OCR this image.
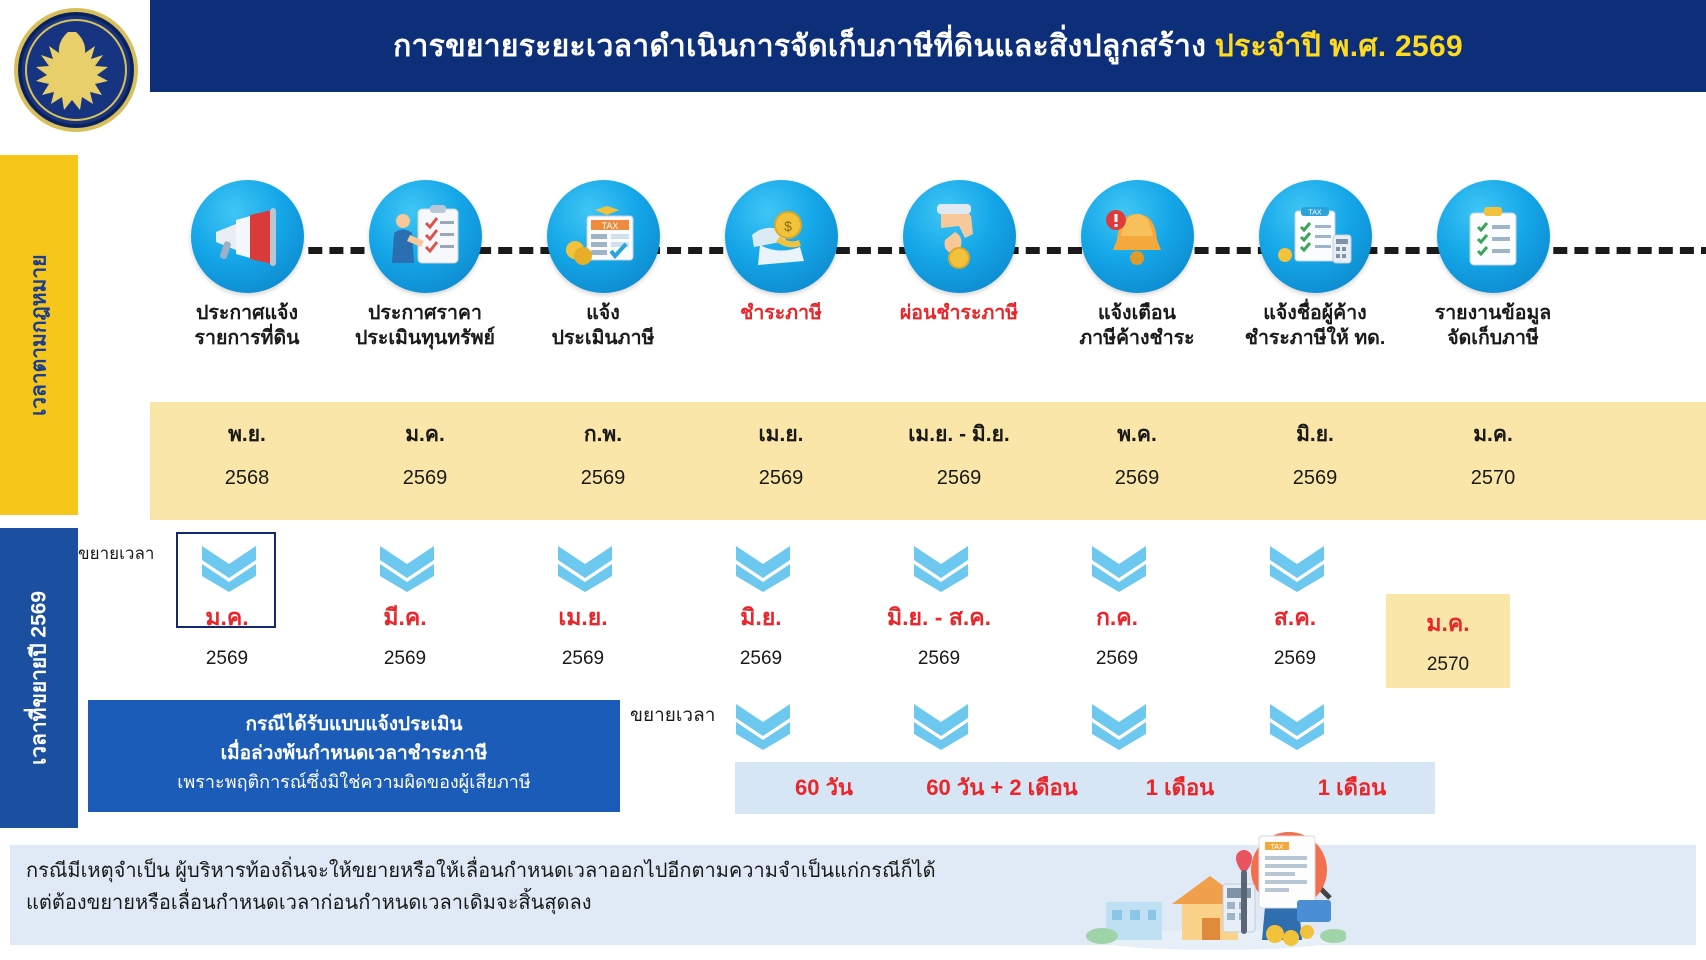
การขยายระยะเวลาดำเนินการจัดเก็บภาษีที่ดินและสิ่งปลูกสร้าง ประจำปี พ.ศ. 2569
เวลาตามกฎหมาย
เวลาที่ขยายปี 2569
ประกาศแจ้ง
รายการที่ดิน
ประกาศราคา
ประเมินทุนทรัพย์
TAX
แจ้ง
ประเมินภาษี
$
ชำระภาษี	ผ่อนชำระภาษี	แจ้งเตือน
ภาษีค้างชำระ
TAX
แจ้งชื่อผู้ค้าง
ชำระภาษีให้ ทด.
รายงานข้อมูล
จัดเก็บภาษี
พ.ย.
2568
ม.ค.
2569
ก.พ.
2569
เม.ย.
2569
เม.ย. - มิ.ย.
2569
พ.ค.
2569
มิ.ย.
2569
ม.ค.
2570
ขยายเวลา
ม.ค.
2569
มี.ค.
2569
เม.ย.
2569
มิ.ย.
2569
มิ.ย. - ส.ค.
2569
ก.ค.
2569
ส.ค.
2569
ม.ค.
2570
กรณีได้รับแบบแจ้งประเมิน
เมื่อล่วงพ้นกำหนดเวลาชำระภาษี
เพราะพฤติการณ์ซึ่งมิใช่ความผิดของผู้เสียภาษี
ขยายเวลา
60 วัน	60 วัน + 2 เดือน	1 เดือน	1 เดือน
กรณีมีเหตุจำเป็น ผู้บริหารท้องถิ่นจะให้ขยายหรือให้เลื่อนกำหนดเวลาออกไปอีกตามความจำเป็นแก่กรณีก็ได้
แต่ต้องขยายหรือเลื่อนกำหนดเวลาก่อนกำหนดเวลาเดิมจะสิ้นสุดลง
TAX
